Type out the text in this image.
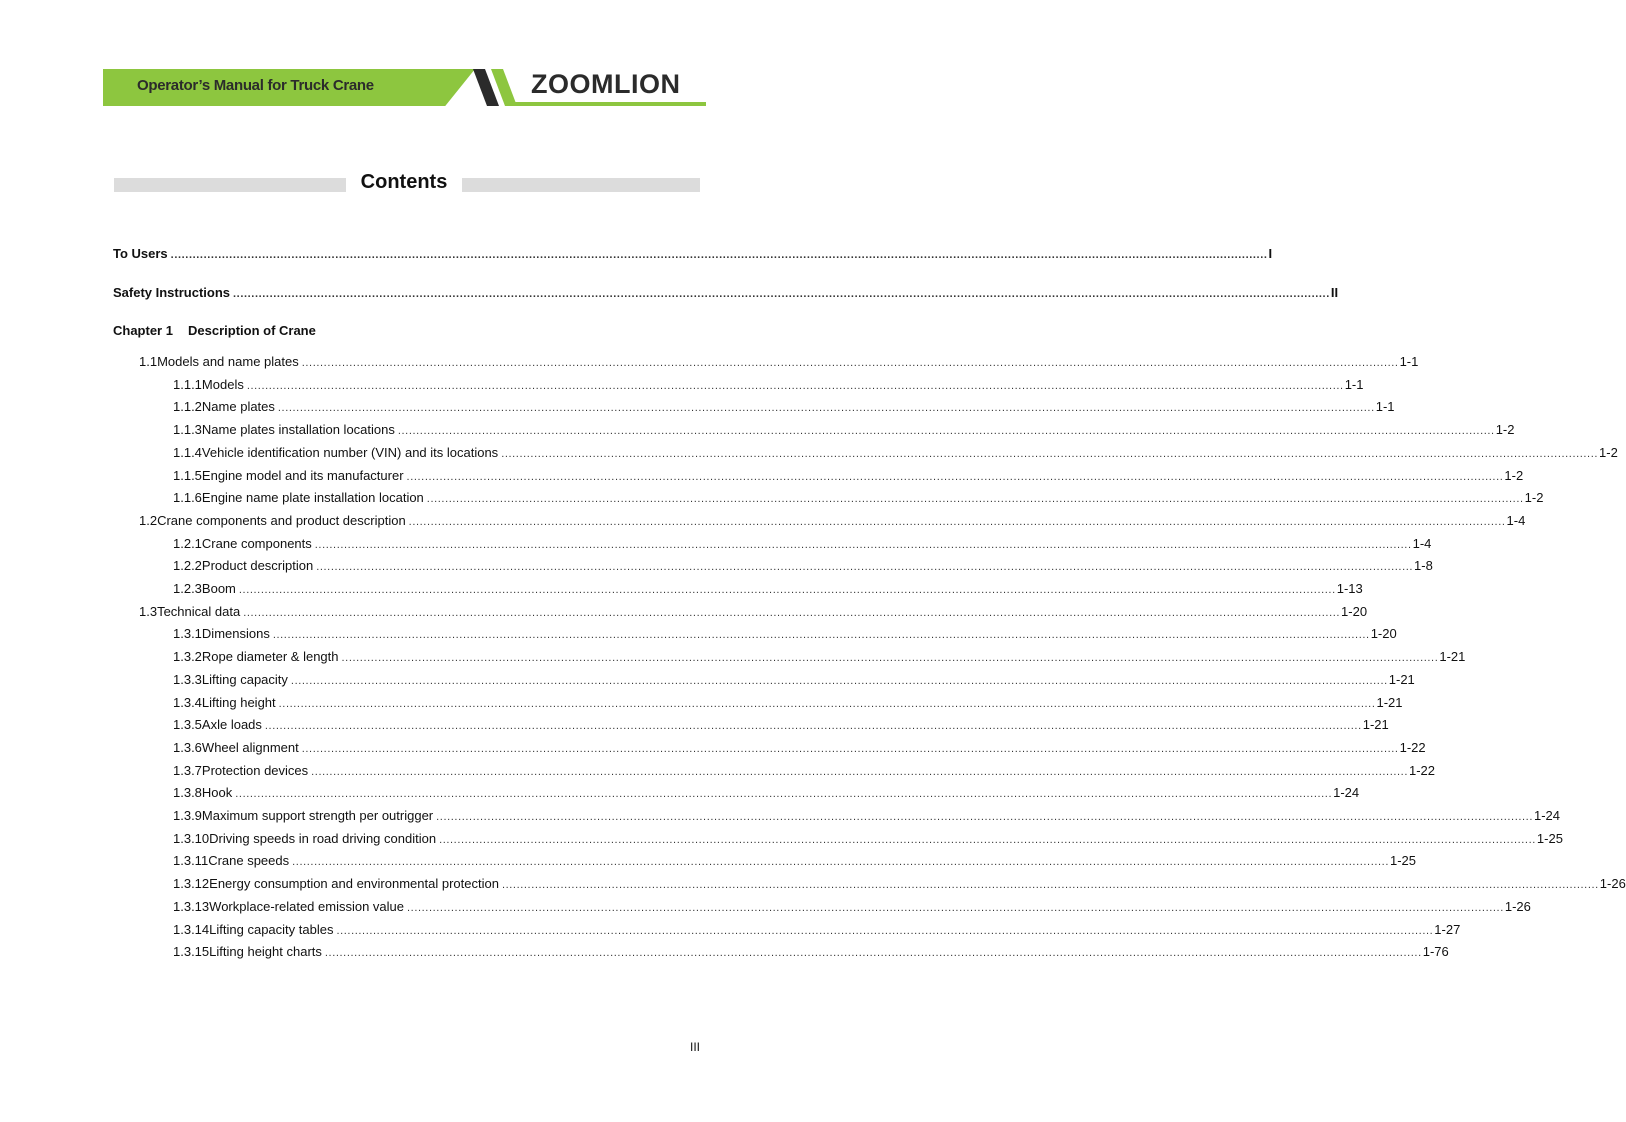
Operator’s Manual for Truck Crane	ZOOMLION
Contents
To Users ............................................................................................................................................................................................................................................................................................................ I
Safety Instructions ............................................................................................................................................................................................................................................................................................................ II
Chapter 1 Description of Crane
1.1 Models and name plates ............................................................................................................................................................................................................................................................................................................ 1-1
1.1.1 Models ............................................................................................................................................................................................................................................................................................................ 1-1
1.1.2 Name plates ............................................................................................................................................................................................................................................................................................................ 1-1
1.1.3 Name plates installation locations ............................................................................................................................................................................................................................................................................................................ 1-2
1.1.4 Vehicle identification number (VIN) and its locations ............................................................................................................................................................................................................................................................................................................ 1-2
1.1.5 Engine model and its manufacturer ............................................................................................................................................................................................................................................................................................................ 1-2
1.1.6 Engine name plate installation location ............................................................................................................................................................................................................................................................................................................ 1-2
1.2 Crane components and product description ............................................................................................................................................................................................................................................................................................................ 1-4
1.2.1 Crane components ............................................................................................................................................................................................................................................................................................................ 1-4
1.2.2 Product description ............................................................................................................................................................................................................................................................................................................ 1-8
1.2.3 Boom ............................................................................................................................................................................................................................................................................................................ 1-13
1.3 Technical data ............................................................................................................................................................................................................................................................................................................ 1-20
1.3.1 Dimensions ............................................................................................................................................................................................................................................................................................................ 1-20
1.3.2 Rope diameter & length ............................................................................................................................................................................................................................................................................................................ 1-21
1.3.3 Lifting capacity ............................................................................................................................................................................................................................................................................................................ 1-21
1.3.4 Lifting height ............................................................................................................................................................................................................................................................................................................ 1-21
1.3.5 Axle loads ............................................................................................................................................................................................................................................................................................................ 1-21
1.3.6 Wheel alignment ............................................................................................................................................................................................................................................................................................................ 1-22
1.3.7 Protection devices ............................................................................................................................................................................................................................................................................................................ 1-22
1.3.8 Hook ............................................................................................................................................................................................................................................................................................................ 1-24
1.3.9 Maximum support strength per outrigger ............................................................................................................................................................................................................................................................................................................ 1-24
1.3.10 Driving speeds in road driving condition ............................................................................................................................................................................................................................................................................................................ 1-25
1.3.11 Crane speeds ............................................................................................................................................................................................................................................................................................................ 1-25
1.3.12 Energy consumption and environmental protection ............................................................................................................................................................................................................................................................................................................ 1-26
1.3.13 Workplace-related emission value ............................................................................................................................................................................................................................................................................................................ 1-26
1.3.14 Lifting capacity tables ............................................................................................................................................................................................................................................................................................................ 1-27
1.3.15 Lifting height charts ............................................................................................................................................................................................................................................................................................................ 1-76
III
